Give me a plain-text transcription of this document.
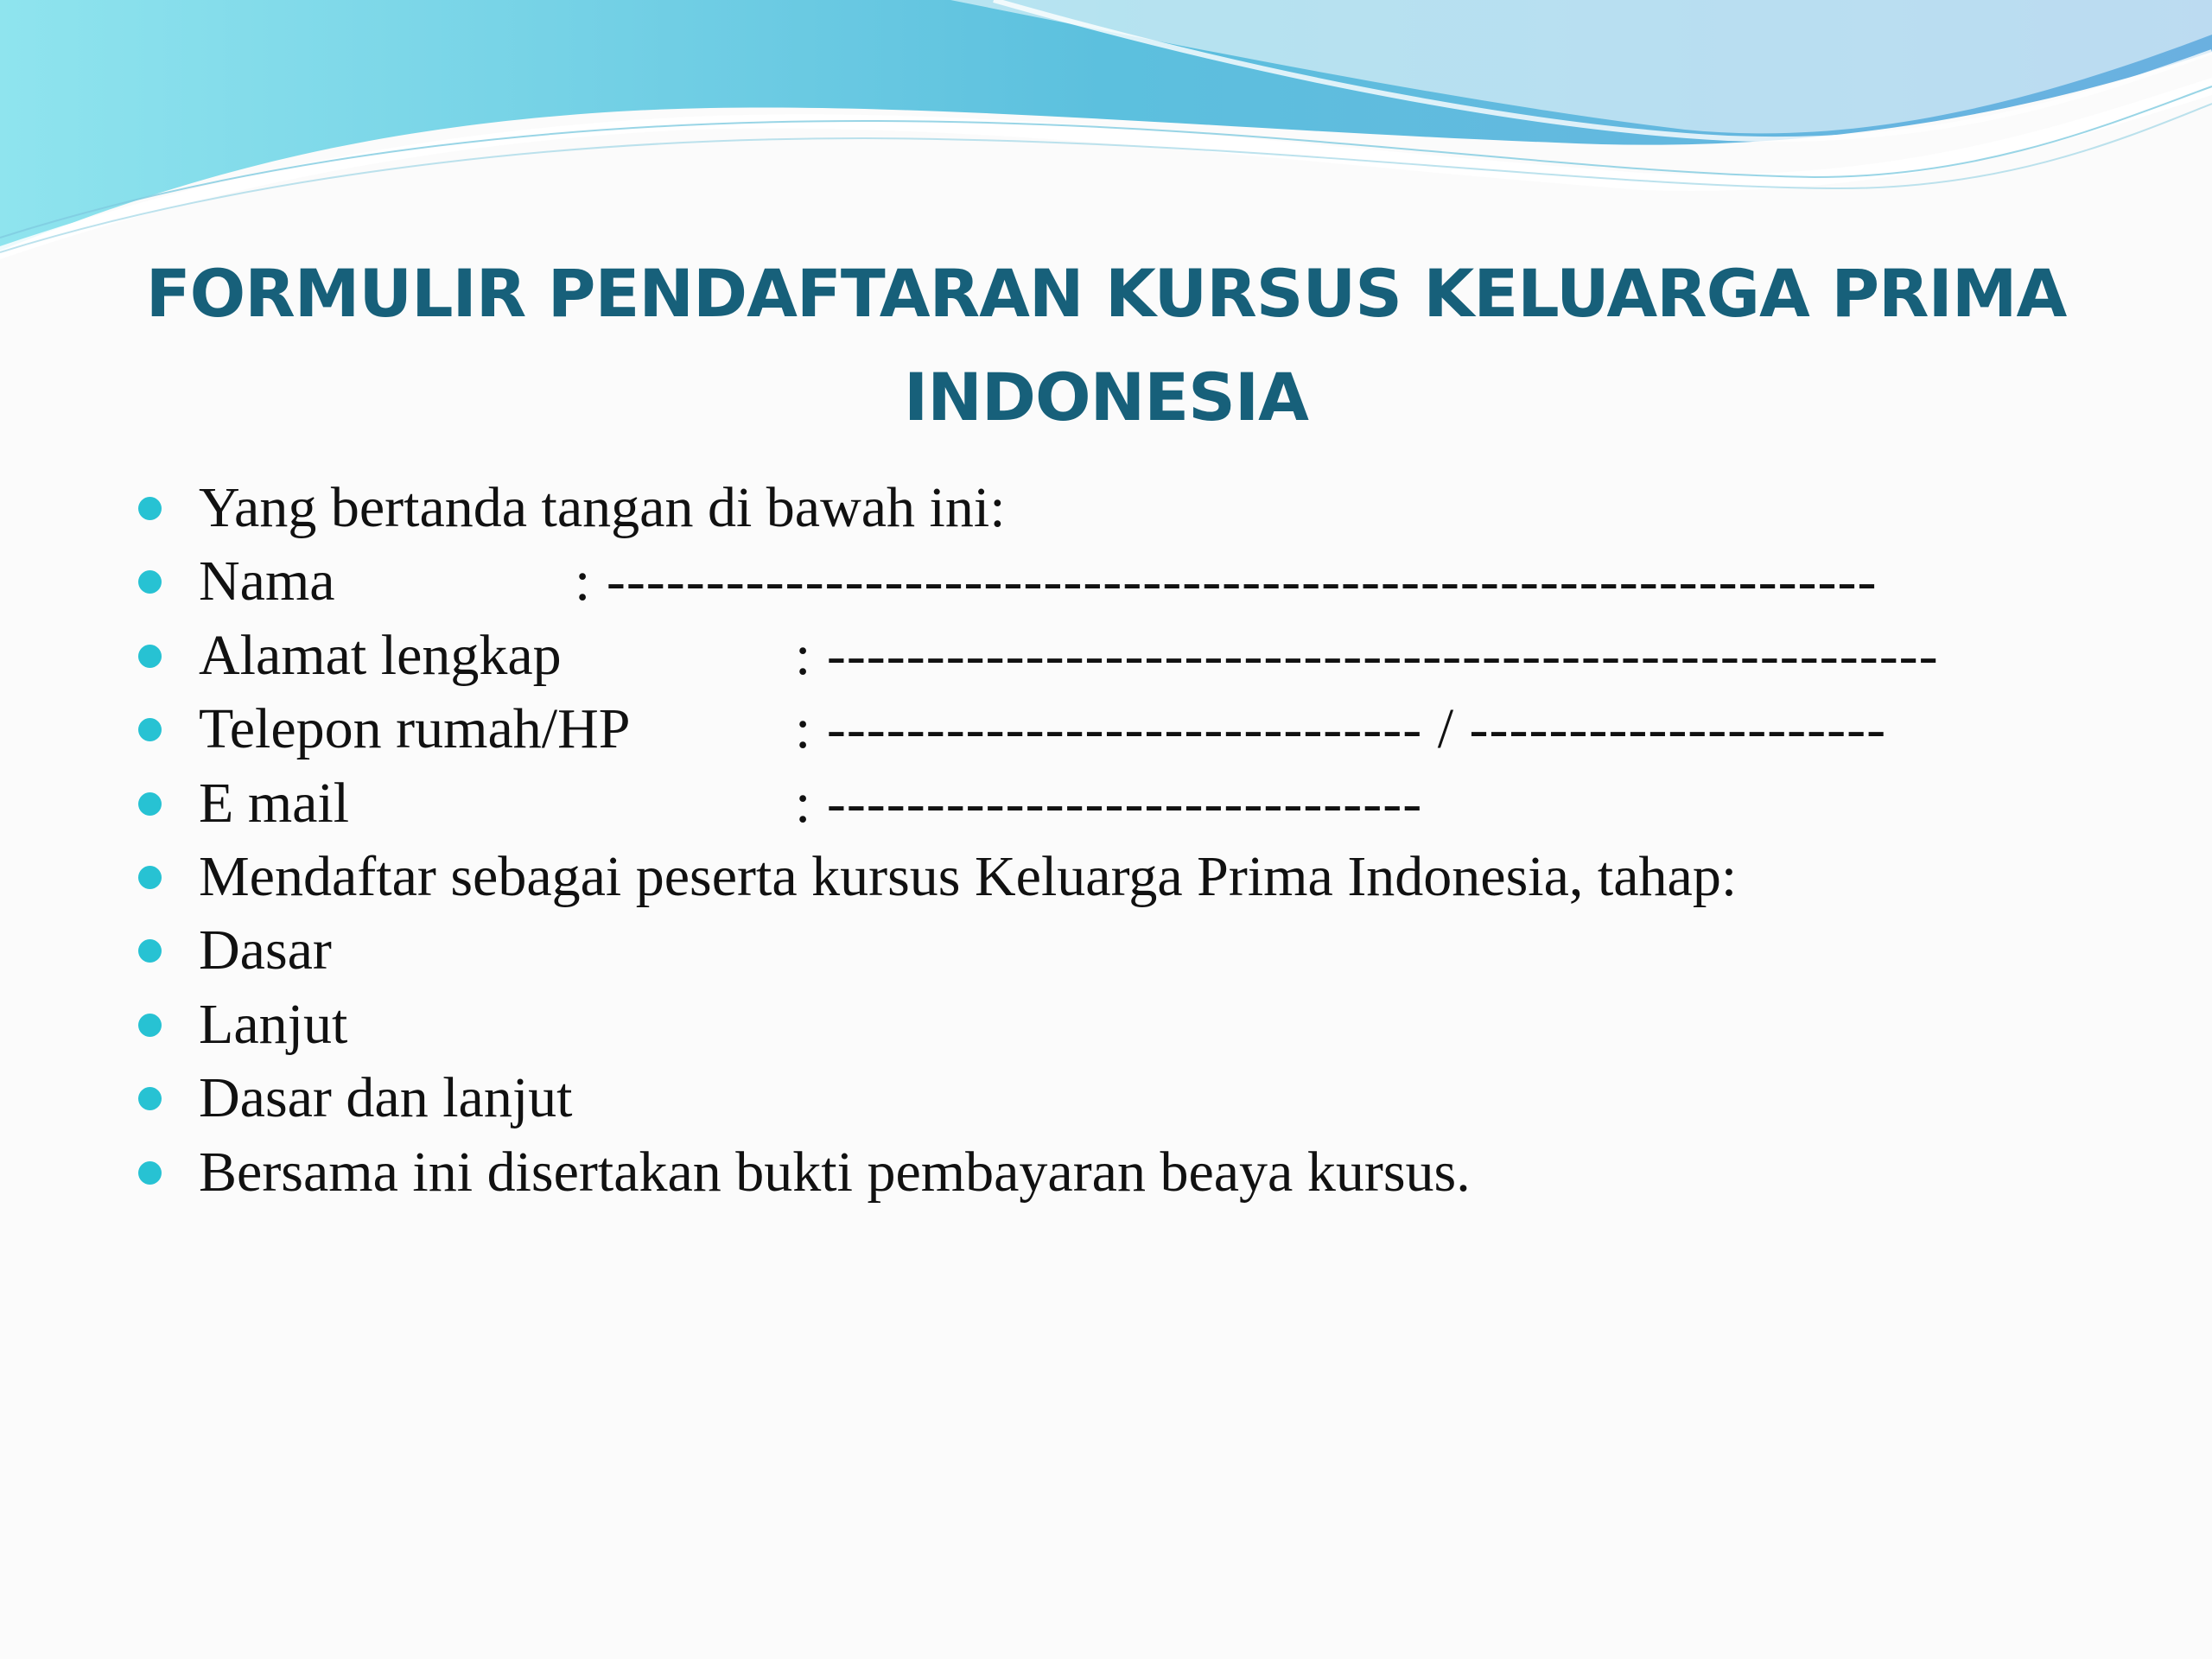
FORMULIR PENDAFTARAN KURSUS KELUARGA PRIMA
INDONESIA
Yang bertanda tangan di bawah ini:
Nama	: ----------------------------------------------------------------
Alamat lengkap	: --------------------------------------------------------
Telepon rumah/HP	: ------------------------------ / ---------------------
E mail	: ------------------------------
Mendaftar sebagai peserta kursus Keluarga Prima Indonesia, tahap:
Dasar
Lanjut
Dasar dan lanjut
Bersama ini disertakan bukti pembayaran beaya kursus.
